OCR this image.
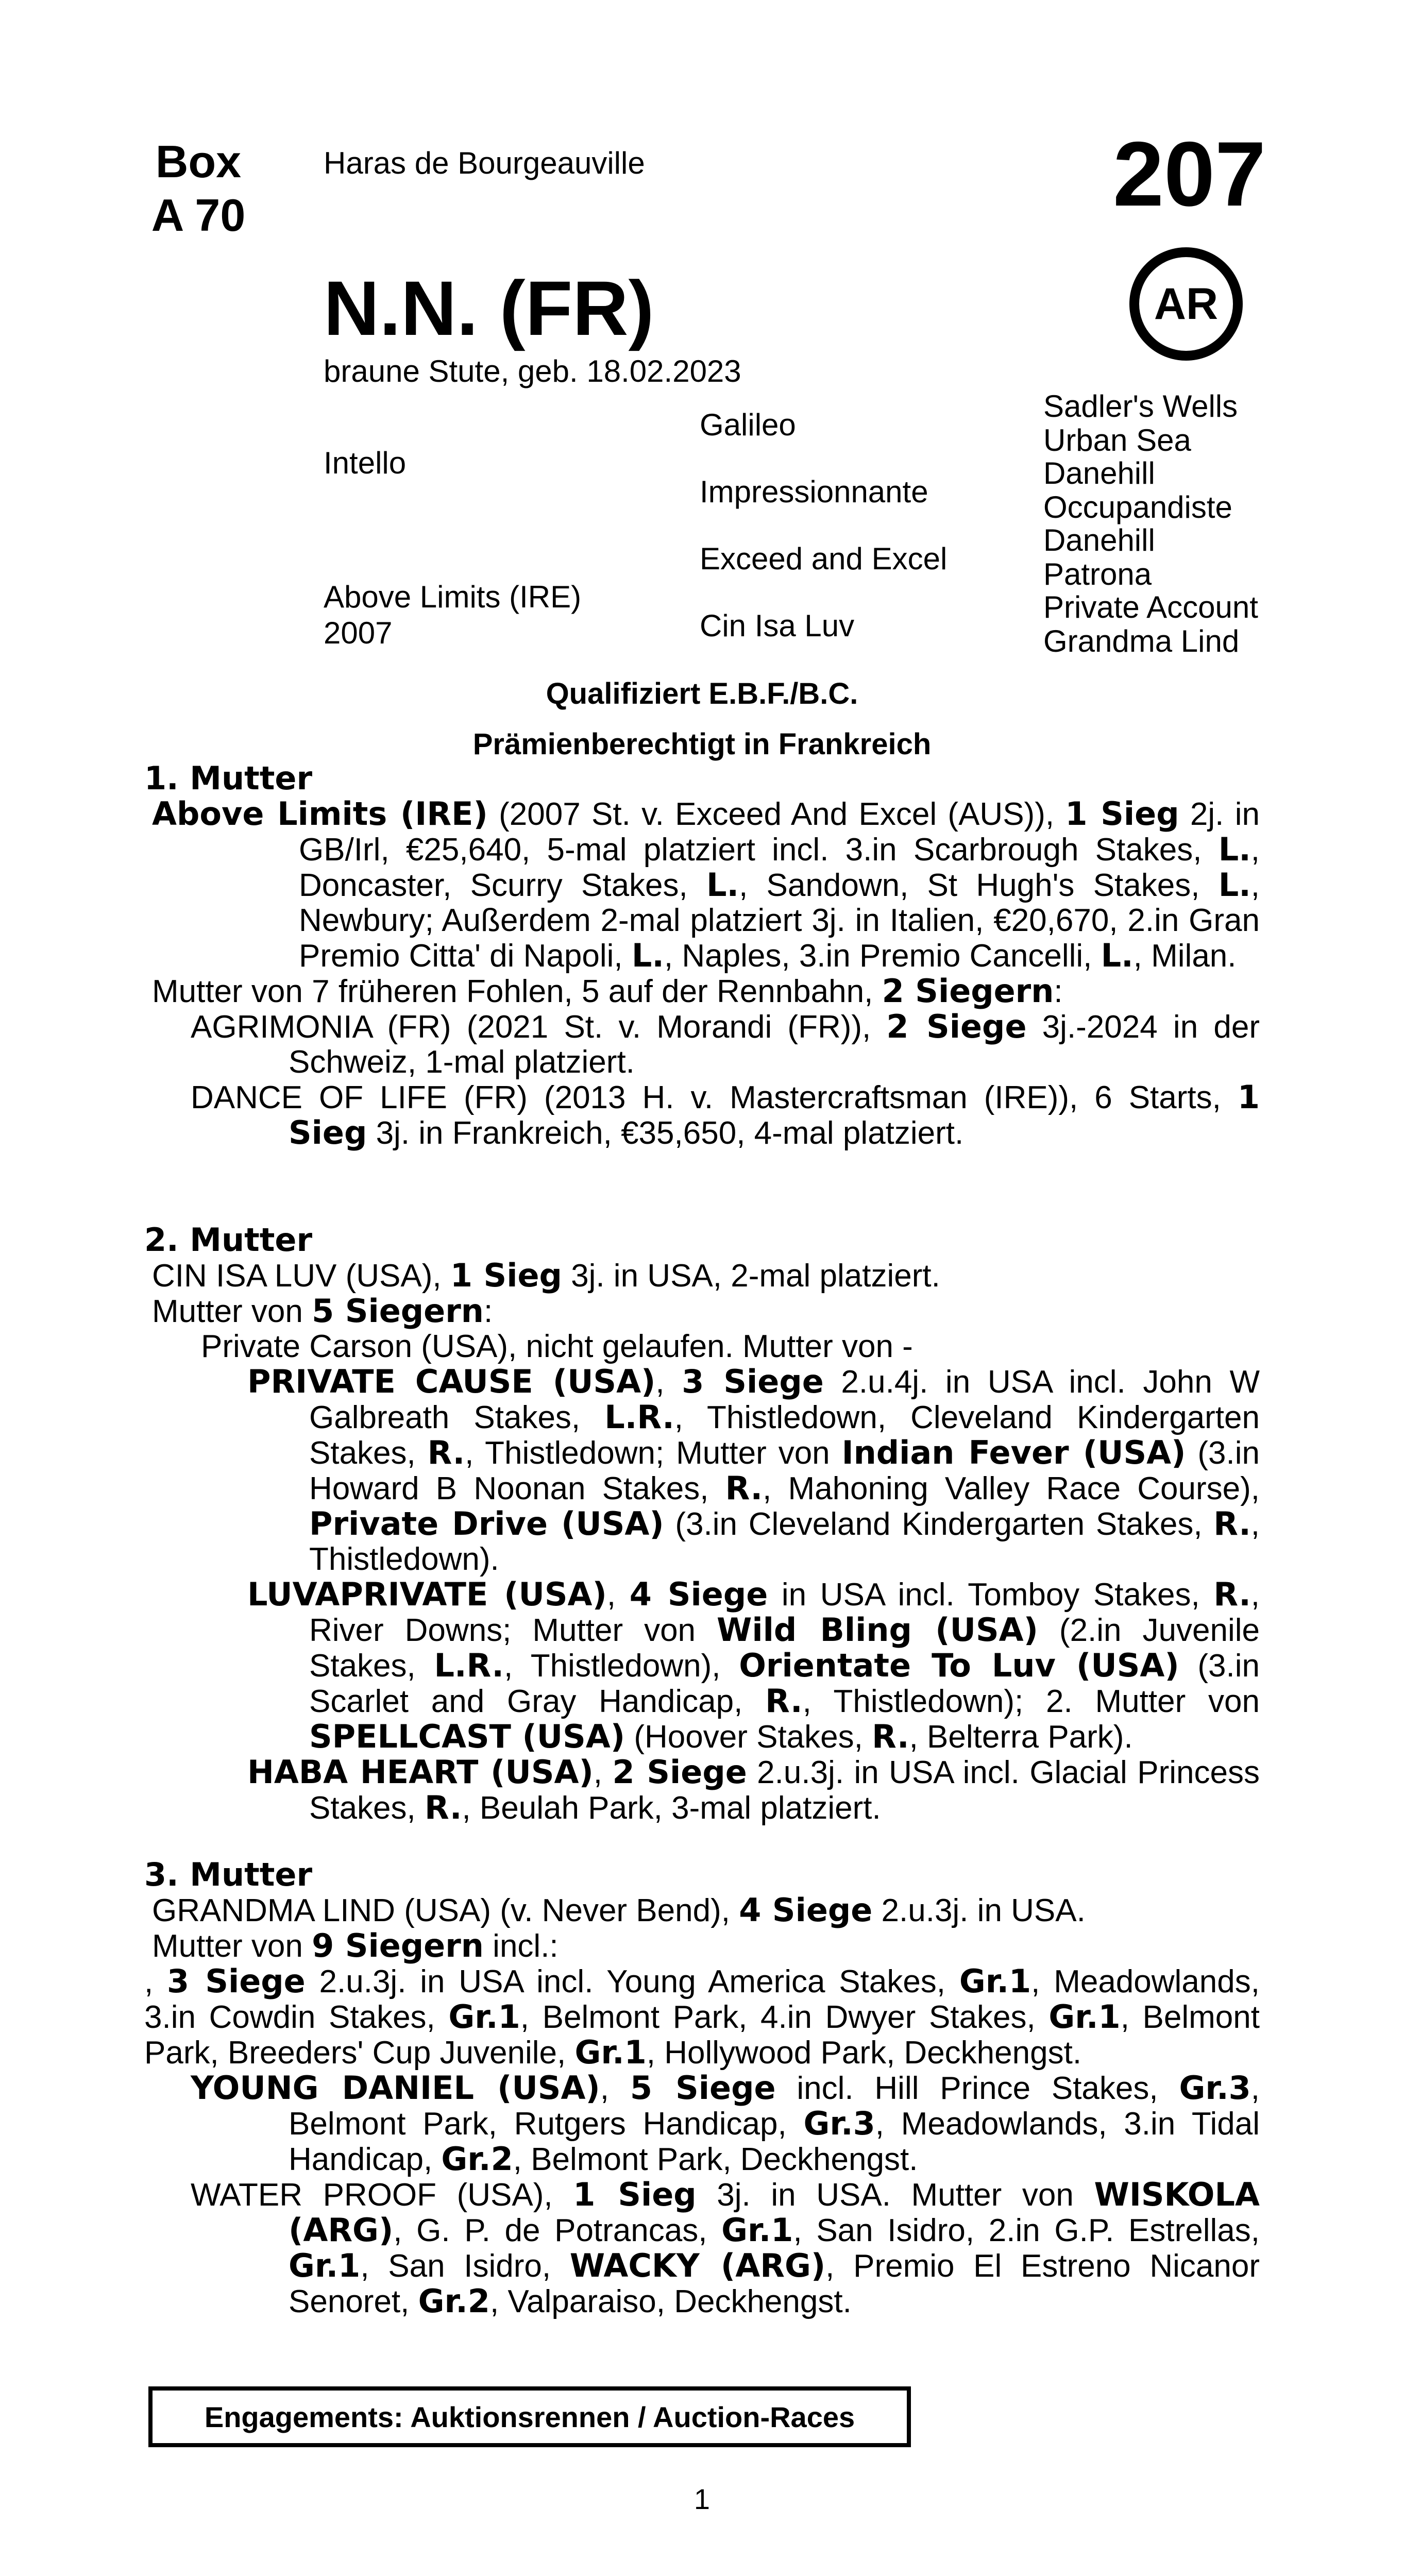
Box
A 70
Haras de Bourgeauville	207
AR
N.N. (FR)
braune Stute, geb. 18.02.2023
Intello
Above Limits (IRE)
2007
Galileo
Impressionnante
Exceed and Excel
Cin Isa Luv
Sadler's Wells
Urban Sea
Danehill
Occupandiste
Danehill
Patrona
Private Account
Grandma Lind
Qualifiziert E.B.F./B.C.
Prämienberechtigt in Frankreich
1. Mutter
Above Limits (IRE) (2007 St. v. Exceed And Excel (AUS)), 1 Sieg 2j. in GB/Irl, €25,640, 5-mal platziert incl. 3.in Scarbrough Stakes, L., Doncaster, Scurry Stakes, L., Sandown, St Hugh's Stakes, L., Newbury; Außerdem 2-mal platziert 3j. in Italien, €20,670, 2.in Gran Premio Citta' di Napoli, L., Naples, 3.in Premio Cancelli, L., Milan.
Mutter von 7 früheren Fohlen, 5 auf der Rennbahn, 2 Siegern:
AGRIMONIA (FR) (2021 St. v. Morandi (FR)), 2 Siege 3j.-2024 in der Schweiz, 1-mal platziert.
DANCE OF LIFE (FR) (2013 H. v. Mastercraftsman (IRE)), 6 Starts, 1 Sieg 3j. in Frankreich, €35,650, 4-mal platziert.
2. Mutter
CIN ISA LUV (USA), 1 Sieg 3j. in USA, 2-mal platziert.
Mutter von 5 Siegern:
Private Carson (USA), nicht gelaufen. Mutter von -
PRIVATE CAUSE (USA), 3 Siege 2.u.4j. in USA incl. John W Galbreath Stakes, L.R., Thistledown, Cleveland Kindergarten Stakes, R., Thistledown; Mutter von Indian Fever (USA) (3.in Howard B Noonan Stakes, R., Mahoning Valley Race Course), Private Drive (USA) (3.in Cleveland Kindergarten Stakes, R., Thistledown).
LUVAPRIVATE (USA), 4 Siege in USA incl. Tomboy Stakes, R., River Downs; Mutter von Wild Bling (USA) (2.in Juvenile Stakes, L.R., Thistledown), Orientate To Luv (USA) (3.in Scarlet and Gray Handicap, R., Thistledown); 2. Mutter von SPELLCAST (USA) (Hoover Stakes, R., Belterra Park).
HABA HEART (USA), 2 Siege 2.u.3j. in USA incl. Glacial Princess Stakes, R., Beulah Park, 3-mal platziert.
3. Mutter
GRANDMA LIND (USA) (v. Never Bend), 4 Siege 2.u.3j. in USA.
Mutter von 9 Siegern incl.:
, 3 Siege 2.u.3j. in USA incl. Young America Stakes, Gr.1, Meadowlands, 3.in Cowdin Stakes, Gr.1, Belmont Park, 4.in Dwyer Stakes, Gr.1, Belmont Park, Breeders' Cup Juvenile, Gr.1, Hollywood Park, Deckhengst.
YOUNG DANIEL (USA), 5 Siege incl. Hill Prince Stakes, Gr.3, Belmont Park, Rutgers Handicap, Gr.3, Meadowlands, 3.in Tidal Handicap, Gr.2, Belmont Park, Deckhengst.
WATER PROOF (USA), 1 Sieg 3j. in USA. Mutter von WISKOLA (ARG), G. P. de Potrancas, Gr.1, San Isidro, 2.in G.P. Estrellas, Gr.1, San Isidro, WACKY (ARG), Premio El Estreno Nicanor Senoret, Gr.2, Valparaiso, Deckhengst.
Engagements: Auktionsrennen / Auction-Races
1
